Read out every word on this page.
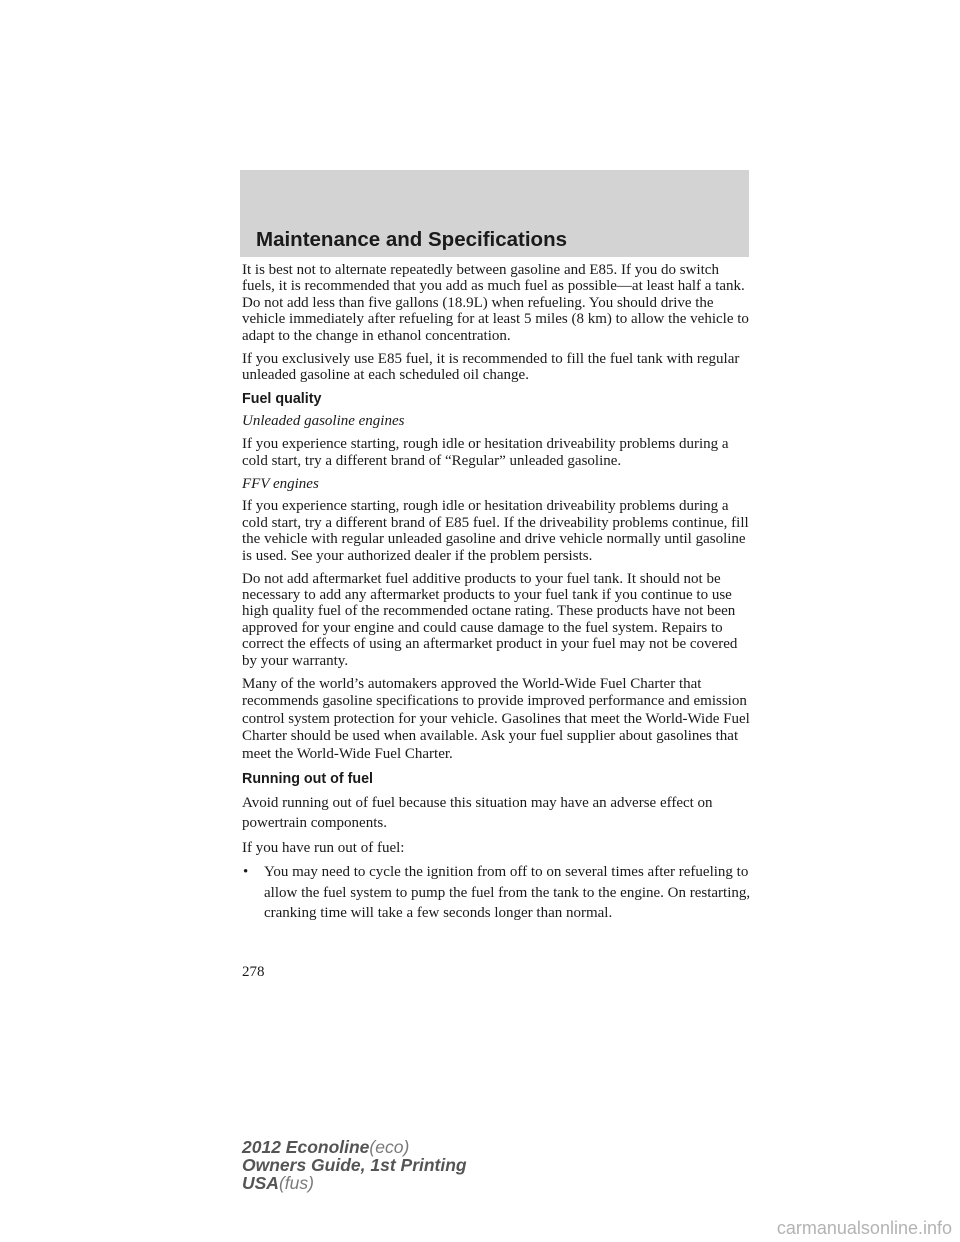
Maintenance and Specifications

It is best not to alternate repeatedly between gasoline and E85. If you do switch fuels, it is recommended that you add as much fuel as possible—at least half a tank. Do not add less than five gallons (18.9L) when refueling. You should drive the vehicle immediately after refueling for at least 5 miles (8 km) to allow the vehicle to adapt to the change in ethanol concentration.

If you exclusively use E85 fuel, it is recommended to fill the fuel tank with regular unleaded gasoline at each scheduled oil change.

Fuel quality

Unleaded gasoline engines

If you experience starting, rough idle or hesitation driveability problems during a cold start, try a different brand of “Regular” unleaded gasoline.

FFV engines

If you experience starting, rough idle or hesitation driveability problems during a cold start, try a different brand of E85 fuel. If the driveability problems continue, fill the vehicle with regular unleaded gasoline and drive vehicle normally until gasoline is used. See your authorized dealer if the problem persists.

Do not add aftermarket fuel additive products to your fuel tank. It should not be necessary to add any aftermarket products to your fuel tank if you continue to use high quality fuel of the recommended octane rating. These products have not been approved for your engine and could cause damage to the fuel system. Repairs to correct the effects of using an aftermarket product in your fuel may not be covered by your warranty.

Many of the world’s automakers approved the World-Wide Fuel Charter that recommends gasoline specifications to provide improved performance and emission control system protection for your vehicle. Gasolines that meet the World-Wide Fuel Charter should be used when available. Ask your fuel supplier about gasolines that meet the World-Wide Fuel Charter.

Running out of fuel

Avoid running out of fuel because this situation may have an adverse effect on powertrain components.

If you have run out of fuel:

• You may need to cycle the ignition from off to on several times after refueling to allow the fuel system to pump the fuel from the tank to the engine. On restarting, cranking time will take a few seconds longer than normal.
278
2012 Econoline(eco)
Owners Guide, 1st Printing
USA(fus)
carmanualsonline.info
